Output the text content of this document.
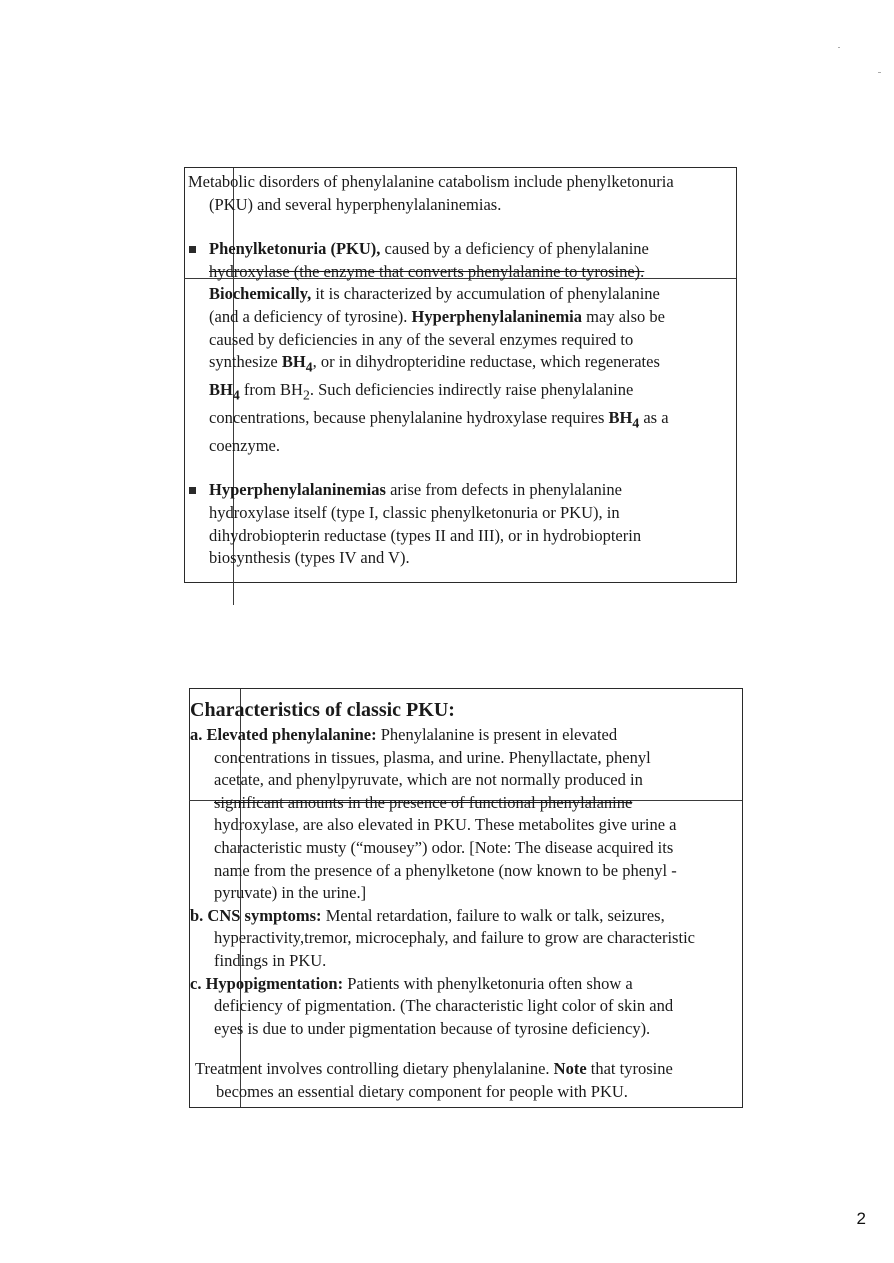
Metabolic disorders of phenylalanine catabolism include phenylketonuria
(PKU) and several hyperphenylalaninemias.
Phenylketonuria (PKU), caused by a deficiency of phenylalanine
hydroxylase (the enzyme that converts phenylalanine to tyrosine).
Biochemically, it is characterized by accumulation of phenylalanine
(and a deficiency of tyrosine). Hyperphenylalaninemia may also be
caused by deficiencies in any of the several enzymes required to
synthesize $BH_4$, or in dihydropteridine reductase, which regenerates
$BH_4$ from $BH_2$. Such deficiencies indirectly raise phenylalanine
concentrations, because phenylalanine hydroxylase requires $BH_4$ as a
coenzyme.
Hyperphenylalaninemias arise from defects in phenylalanine
hydroxylase itself (type I, classic phenylketonuria or PKU), in
dihydrobiopterin reductase (types II and III), or in hydrobiopterin
biosynthesis (types IV and V).
Characteristics of classic PKU:
a. Elevated phenylalanine: Phenylalanine is present in elevated
concentrations in tissues, plasma, and urine. Phenyllactate, phenyl
acetate, and phenylpyruvate, which are not normally produced in
significant amounts in the presence of functional phenylalanine
hydroxylase, are also elevated in PKU. These metabolites give urine a
characteristic musty (“mousey”) odor. [Note: The disease acquired its
name from the presence of a phenylketone (now known to be phenyl -
pyruvate) in the urine.]
b. CNS symptoms: Mental retardation, failure to walk or talk, seizures,
hyperactivity,tremor, microcephaly, and failure to grow are characteristic
findings in PKU.
c. Hypopigmentation: Patients with phenylketonuria often show a
deficiency of pigmentation. (The characteristic light color of skin and
eyes is due to under pigmentation because of tyrosine deficiency).
Treatment involves controlling dietary phenylalanine. Note that tyrosine
becomes an essential dietary component for people with PKU.
2
